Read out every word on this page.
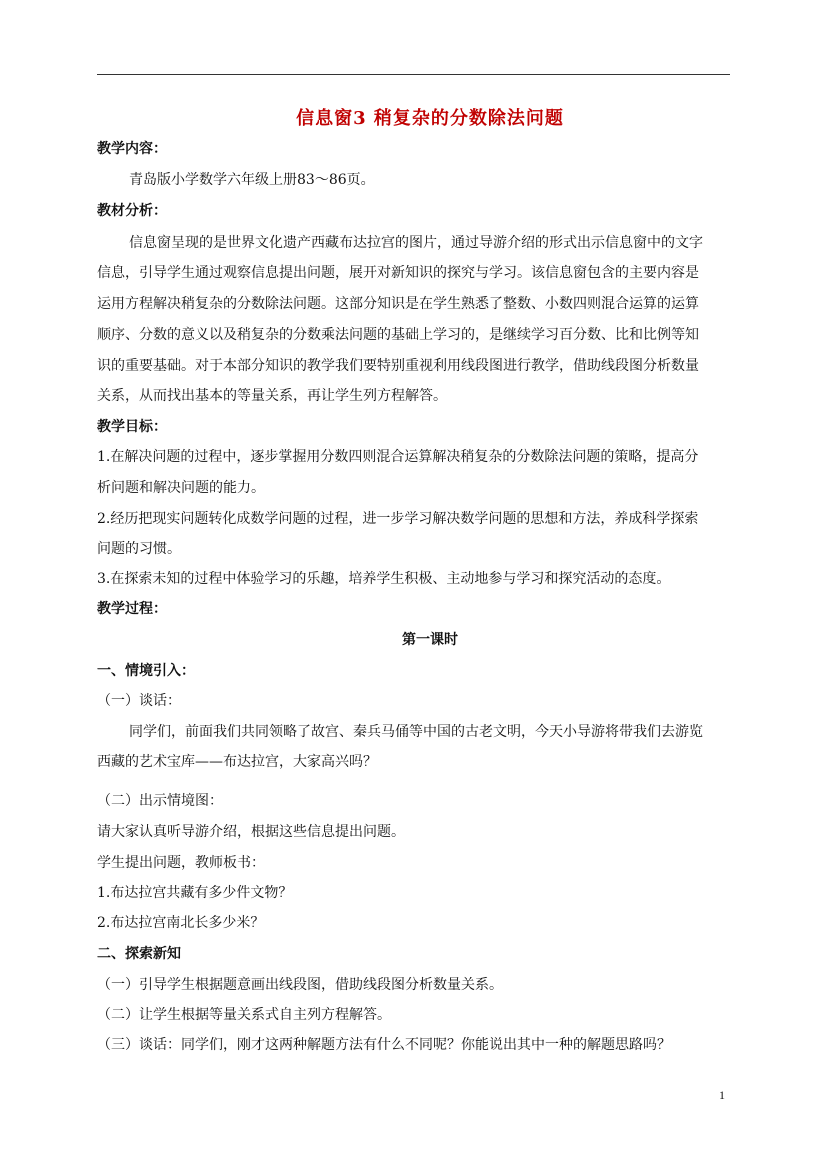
信息窗3 稍复杂的分数除法问题
教学内容：
青岛版小学数学六年级上册83～86页。
教材分析：
信息窗呈现的是世界文化遗产西藏布达拉宫的图片，通过导游介绍的形式出示信息窗中的文字
信息，引导学生通过观察信息提出问题，展开对新知识的探究与学习。该信息窗包含的主要内容是
运用方程解决稍复杂的分数除法问题。这部分知识是在学生熟悉了整数、小数四则混合运算的运算
顺序、分数的意义以及稍复杂的分数乘法问题的基础上学习的，是继续学习百分数、比和比例等知
识的重要基础。对于本部分知识的教学我们要特别重视利用线段图进行教学，借助线段图分析数量
关系，从而找出基本的等量关系，再让学生列方程解答。
教学目标：
1.在解决问题的过程中，逐步掌握用分数四则混合运算解决稍复杂的分数除法问题的策略，提高分
析问题和解决问题的能力。
2.经历把现实问题转化成数学问题的过程，进一步学习解决数学问题的思想和方法，养成科学探索
问题的习惯。
3.在探索未知的过程中体验学习的乐趣，培养学生积极、主动地参与学习和探究活动的态度。
教学过程：
第一课时
一、情境引入：
（一）谈话：
同学们，前面我们共同领略了故宫、秦兵马俑等中国的古老文明，今天小导游将带我们去游览
西藏的艺术宝库——布达拉宫，大家高兴吗？
（二）出示情境图：
请大家认真听导游介绍，根据这些信息提出问题。
学生提出问题，教师板书：
1.布达拉宫共藏有多少件文物？
2.布达拉宫南北长多少米？
二、探索新知
（一）引导学生根据题意画出线段图，借助线段图分析数量关系。
（二）让学生根据等量关系式自主列方程解答。
（三）谈话：同学们，刚才这两种解题方法有什么不同呢？你能说出其中一种的解题思路吗？
1
